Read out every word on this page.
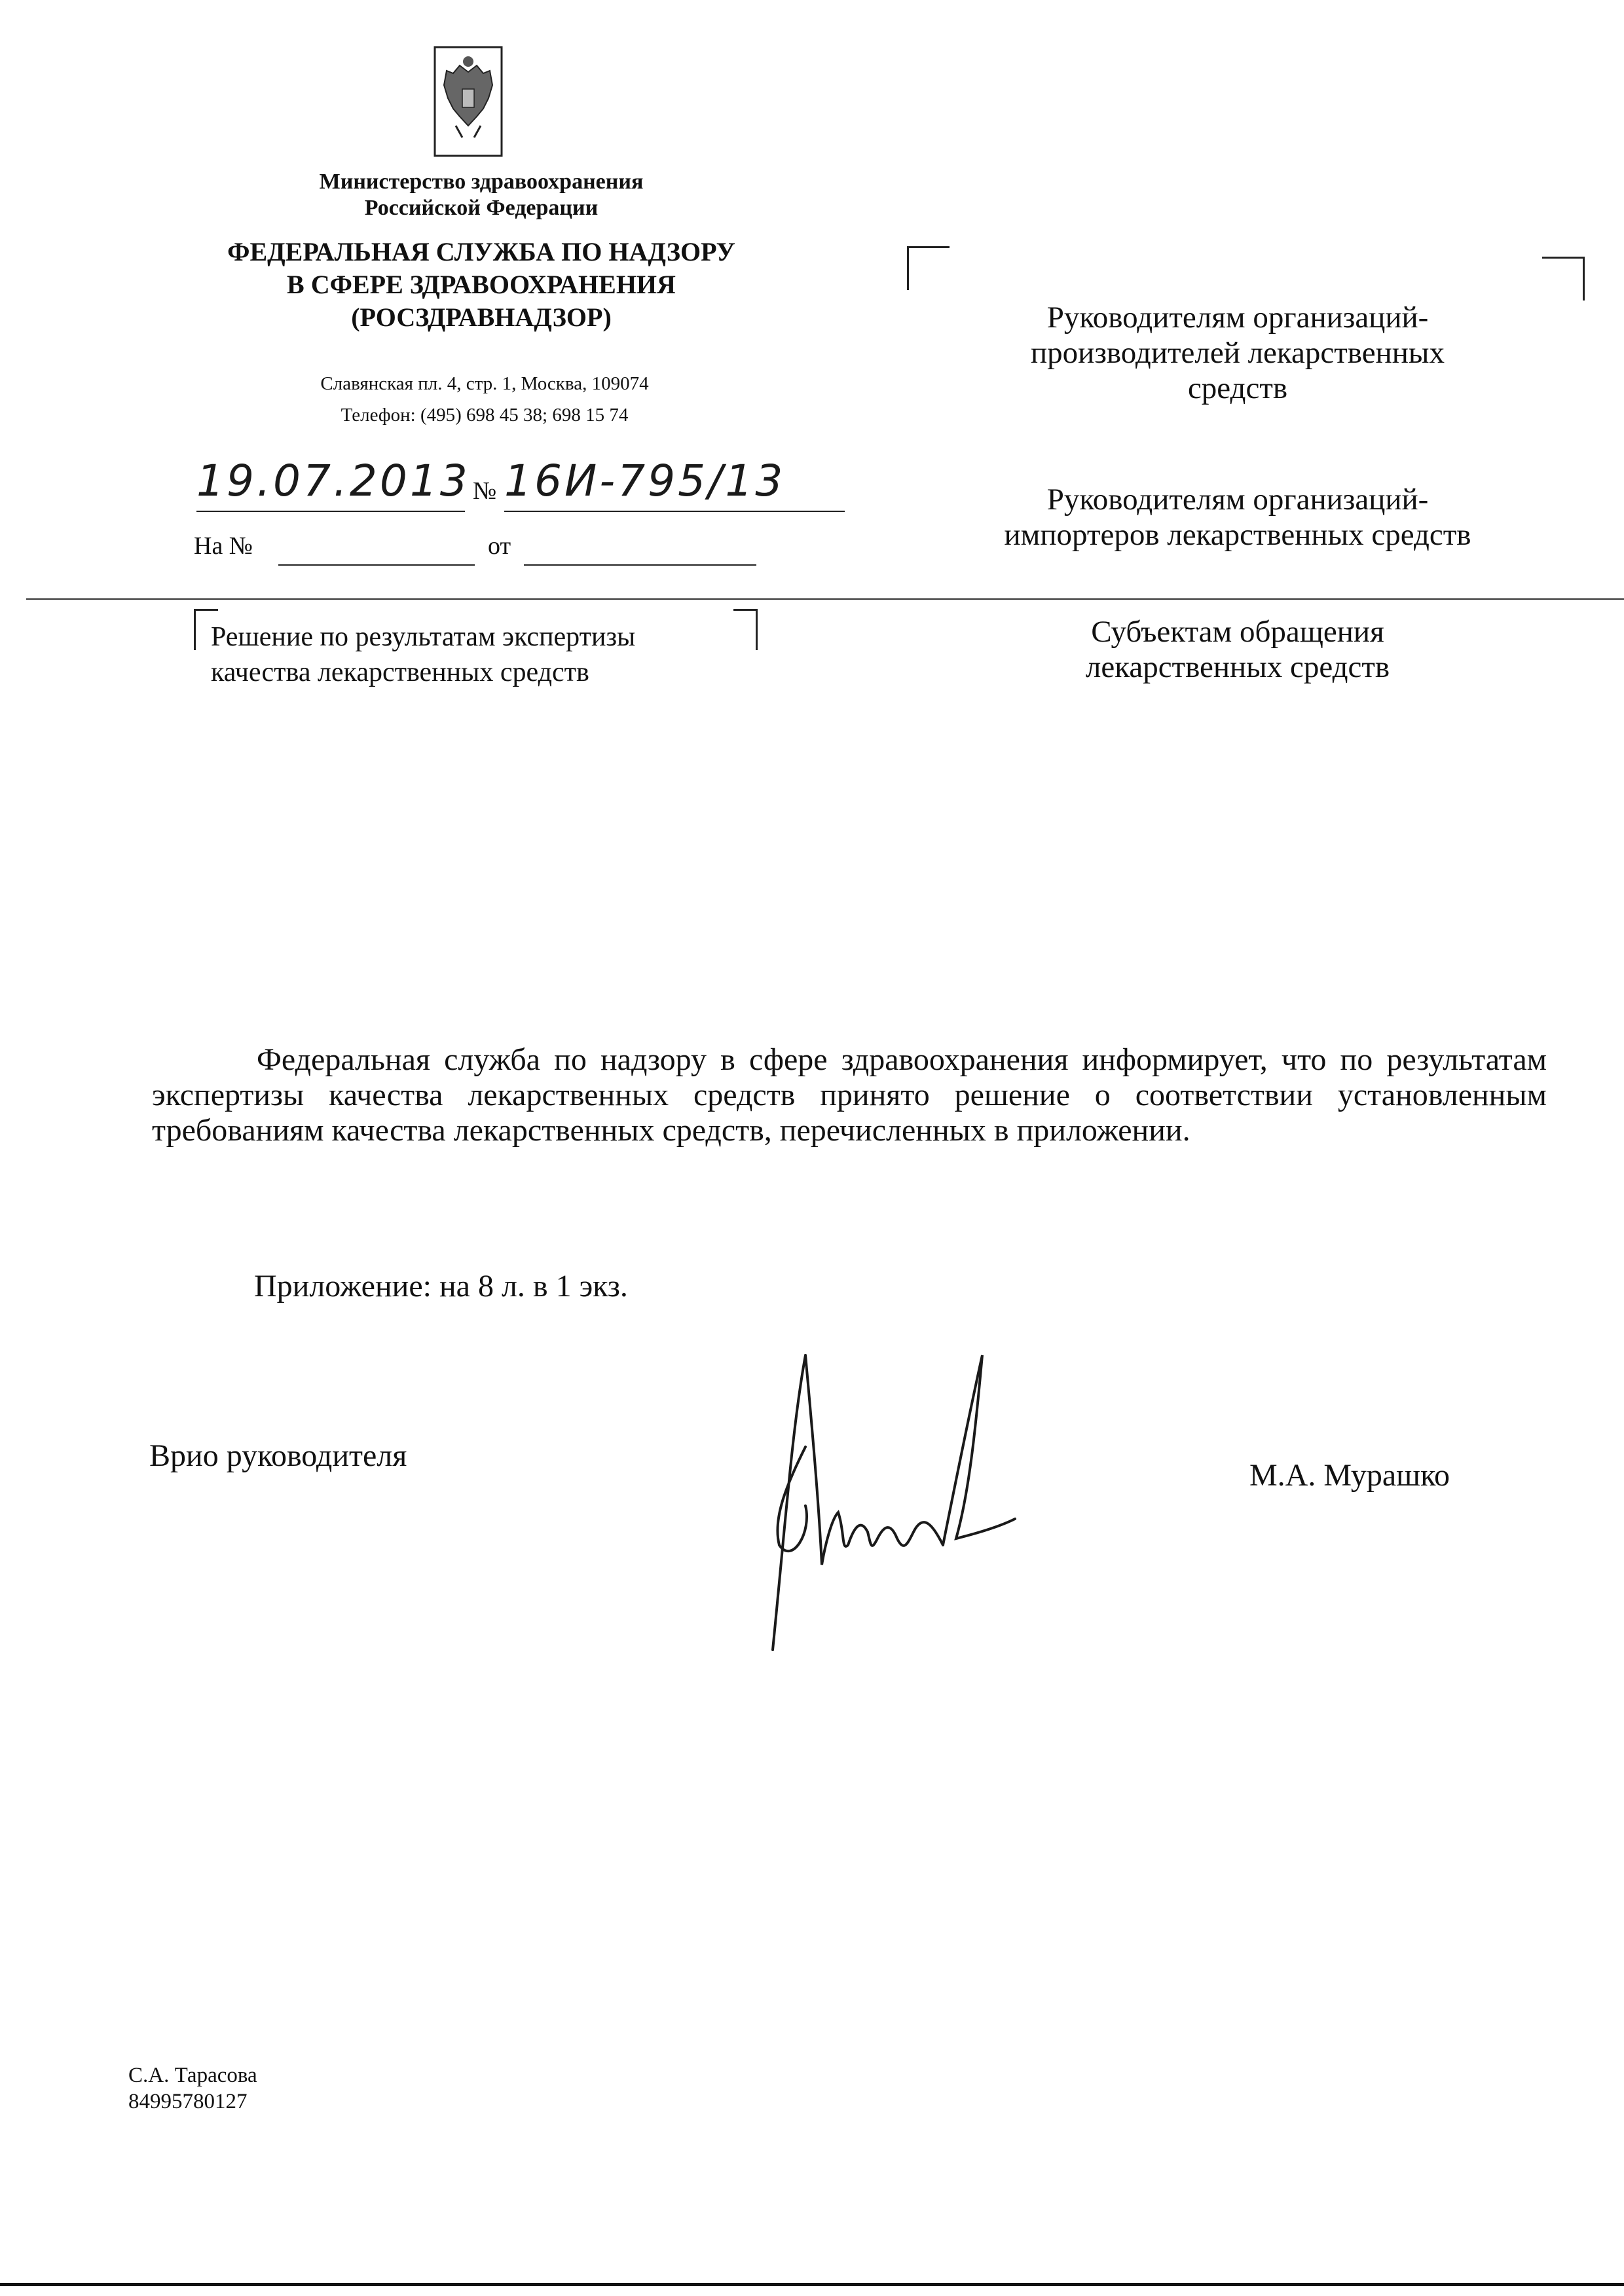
Министерство здравоохранения
Российской Федерации
ФЕДЕРАЛЬНАЯ СЛУЖБА ПО НАДЗОРУ
В СФЕРЕ ЗДРАВООХРАНЕНИЯ
(РОСЗДРАВНАДЗОР)
Славянская пл. 4, стр. 1, Москва, 109074
Телефон: (495) 698 45 38; 698 15 74
19.07.2013 № 16И-795/13
На №	от
Руководителям организаций-
производителей лекарственных
средств
Руководителям организаций-
импортеров лекарственных средств
Решение по результатам экспертизы
качества лекарственных средств
Субъектам обращения
лекарственных средств

Федеральная служба по надзору в сфере здравоохранения информирует, что по результатам экспертизы качества лекарственных средств принято решение о соответствии установленным требованиям качества лекарственных средств, перечисленных в приложении.

Приложение: на 8 л. в 1 экз.
Врио руководителя
М.А. Мурашко
С.А. Тарасова
84995780127
